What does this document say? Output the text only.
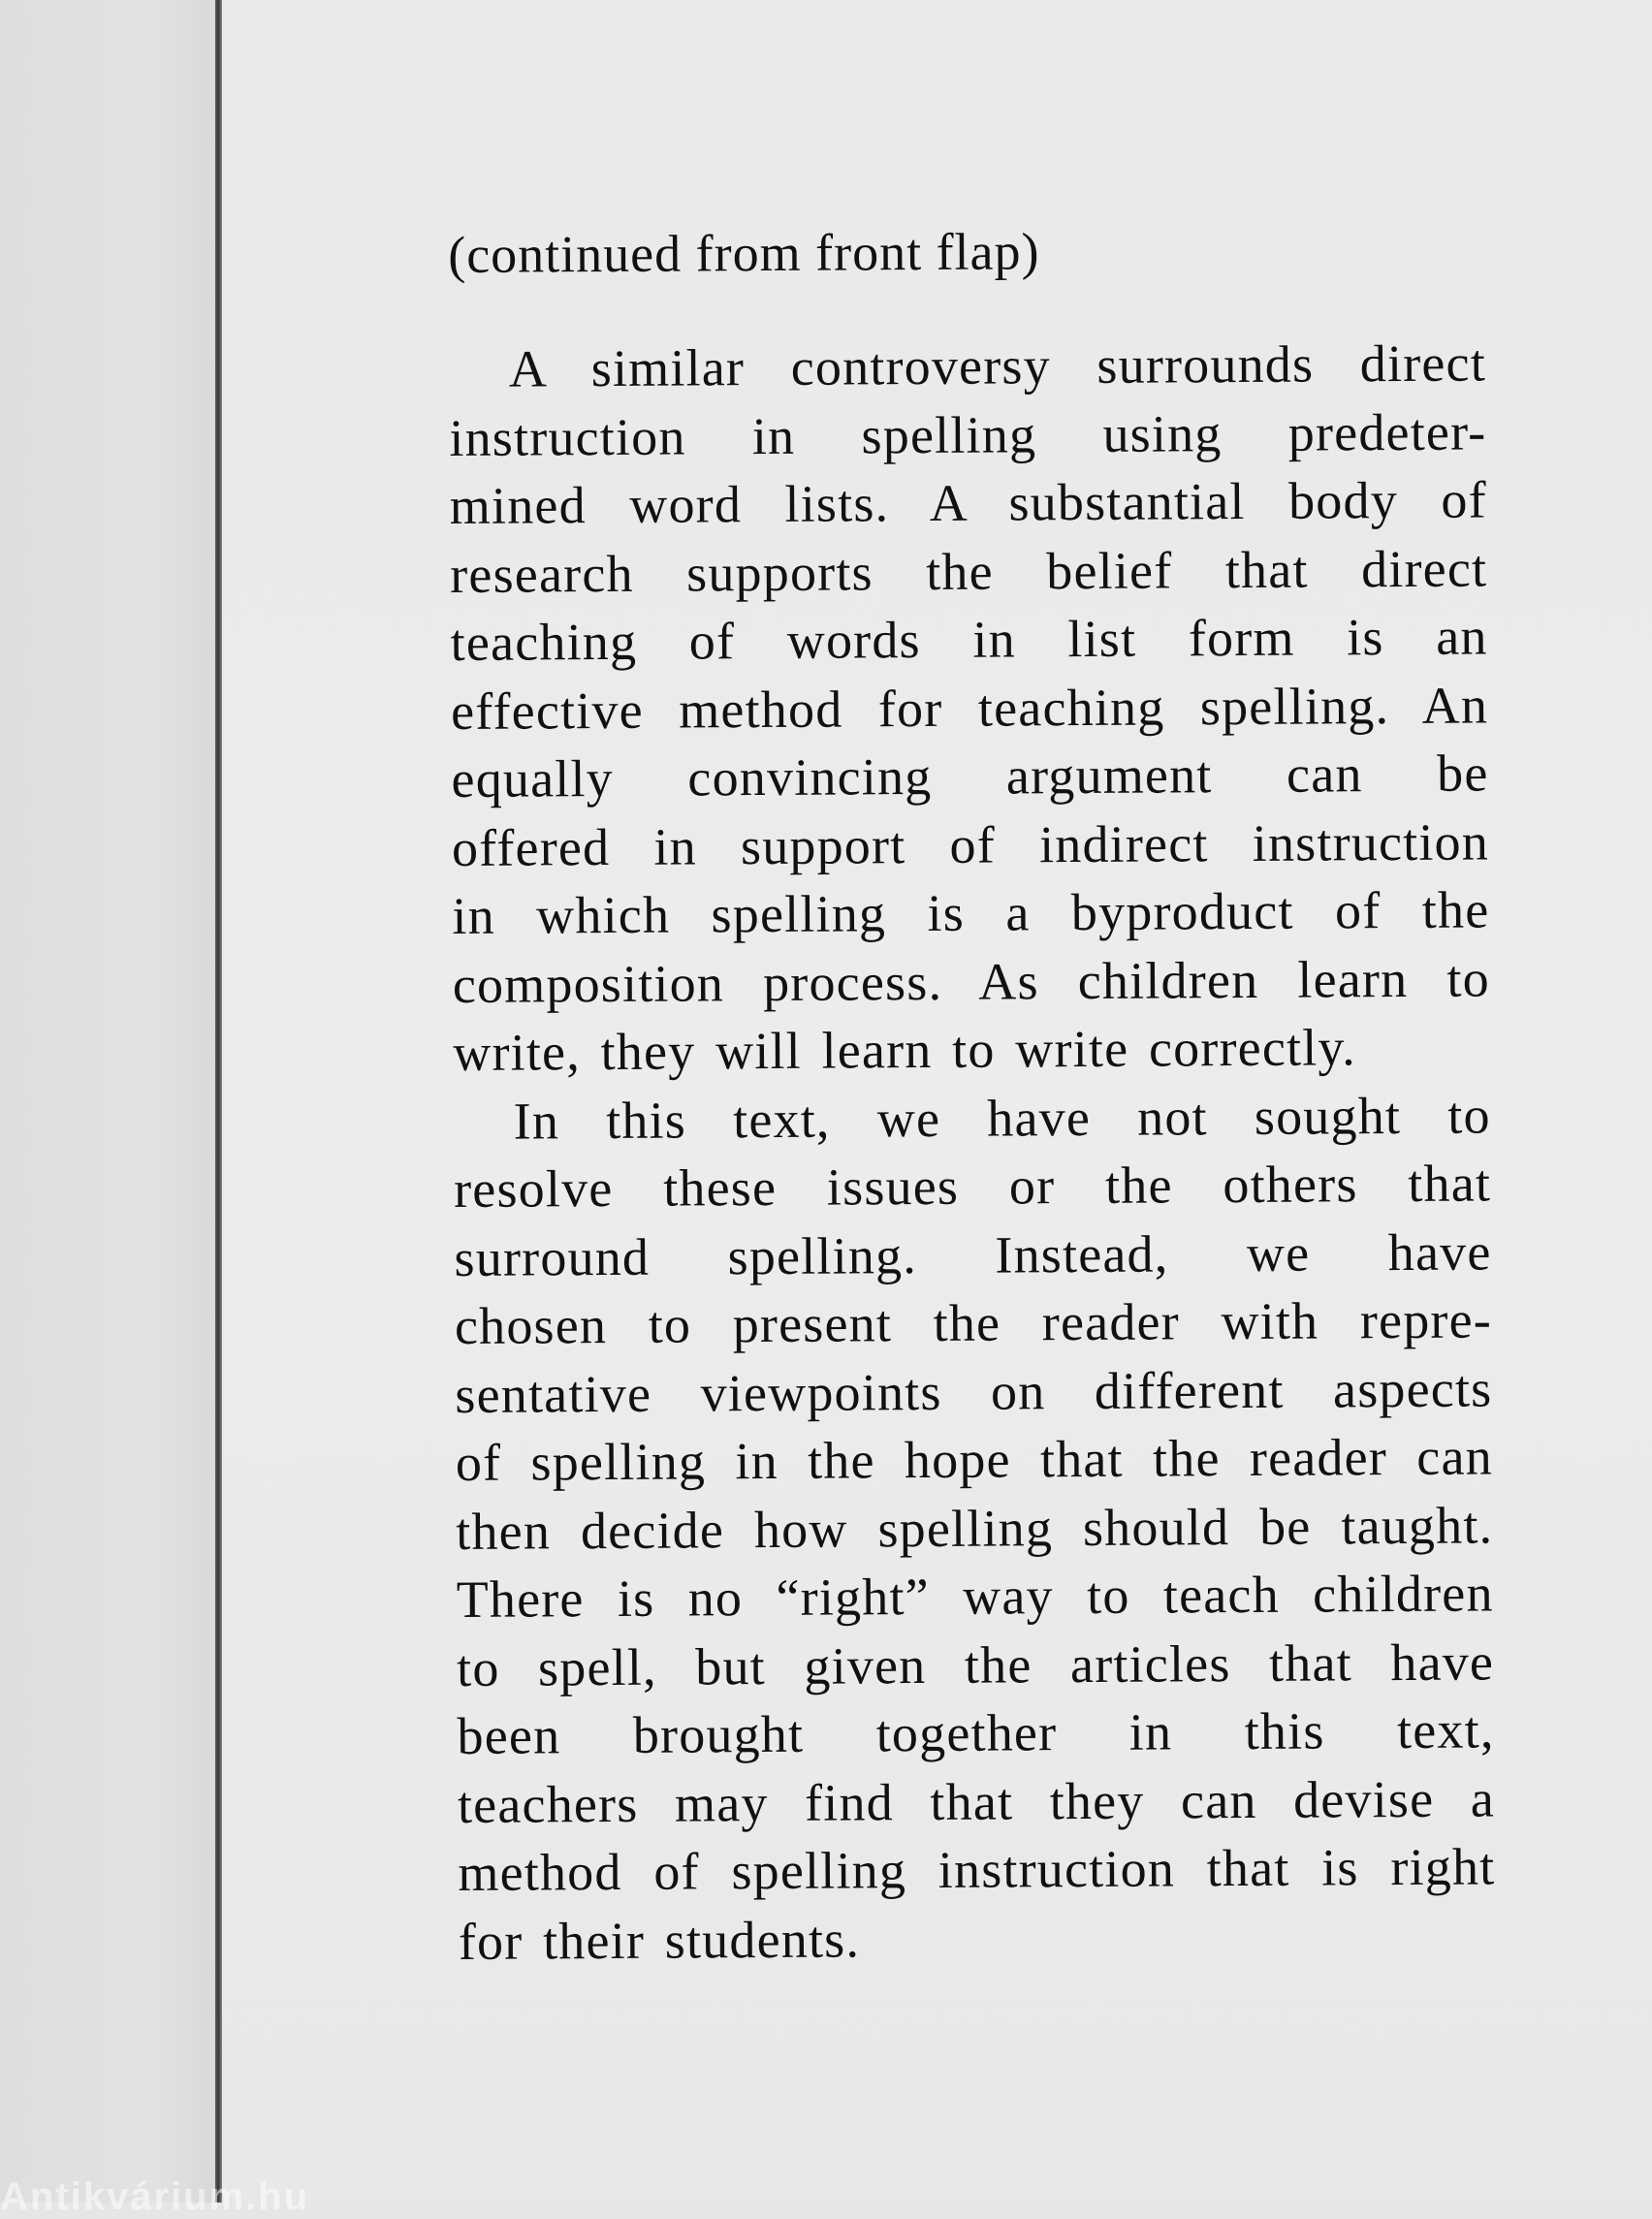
(continued from front flap)
A similar controversy surrounds direct
instruction in spelling using predeter-
mined word lists. A substantial body of
research supports the belief that direct
teaching of words in list form is an
effective method for teaching spelling. An
equally convincing argument can be
offered in support of indirect instruction
in which spelling is a byproduct of the
composition process. As children learn to
write, they will learn to write correctly.
In this text, we have not sought to
resolve these issues or the others that
surround spelling. Instead, we have
chosen to present the reader with repre-
sentative viewpoints on different aspects
of spelling in the hope that the reader can
then decide how spelling should be taught.
There is no “right” way to teach children
to spell, but given the articles that have
been brought together in this text,
teachers may find that they can devise a
method of spelling instruction that is right
for their students.
Antikvárium.hu
